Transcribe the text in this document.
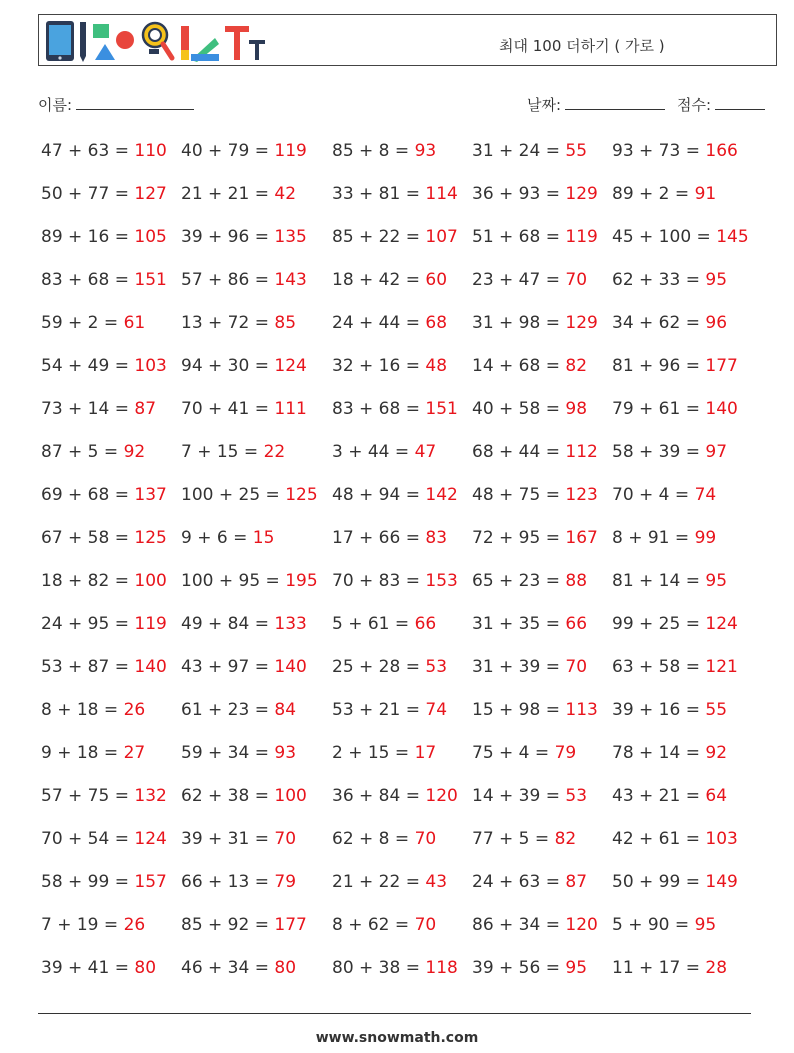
최대 100 더하기 ( 가로 )
이름:	날짜:	점수:
47 + 63 = 110 40 + 79 = 119 85 + 8 = 93 31 + 24 = 55 93 + 73 = 166
50 + 77 = 127 21 + 21 = 42 33 + 81 = 114 36 + 93 = 129 89 + 2 = 91
89 + 16 = 105 39 + 96 = 135 85 + 22 = 107 51 + 68 = 119 45 + 100 = 145
83 + 68 = 151 57 + 86 = 143 18 + 42 = 60 23 + 47 = 70 62 + 33 = 95
59 + 2 = 61 13 + 72 = 85 24 + 44 = 68 31 + 98 = 129 34 + 62 = 96
54 + 49 = 103 94 + 30 = 124 32 + 16 = 48 14 + 68 = 82 81 + 96 = 177
73 + 14 = 87 70 + 41 = 111 83 + 68 = 151 40 + 58 = 98 79 + 61 = 140
87 + 5 = 92 7 + 15 = 22	3 + 44 = 47 68 + 44 = 112 58 + 39 = 97
69 + 68 = 137 100 + 25 = 125 48 + 94 = 142 48 + 75 = 123 70 + 4 = 74
67 + 58 = 125 9 + 6 = 15	17 + 66 = 83 72 + 95 = 167 8 + 91 = 99
18 + 82 = 100 100 + 95 = 195 70 + 83 = 153 65 + 23 = 88 81 + 14 = 95
24 + 95 = 119 49 + 84 = 133 5 + 61 = 66 31 + 35 = 66 99 + 25 = 124
53 + 87 = 140 43 + 97 = 140 25 + 28 = 53 31 + 39 = 70 63 + 58 = 121
8 + 18 = 26 61 + 23 = 84 53 + 21 = 74 15 + 98 = 113 39 + 16 = 55
9 + 18 = 27 59 + 34 = 93 2 + 15 = 17 75 + 4 = 79 78 + 14 = 92
57 + 75 = 132 62 + 38 = 100 36 + 84 = 120 14 + 39 = 53 43 + 21 = 64
70 + 54 = 124 39 + 31 = 70 62 + 8 = 70 77 + 5 = 82 42 + 61 = 103
58 + 99 = 157 66 + 13 = 79 21 + 22 = 43 24 + 63 = 87 50 + 99 = 149
7 + 19 = 26 85 + 92 = 177 8 + 62 = 70 86 + 34 = 120 5 + 90 = 95
39 + 41 = 80 46 + 34 = 80 80 + 38 = 118 39 + 56 = 95 11 + 17 = 28
www.snowmath.com
